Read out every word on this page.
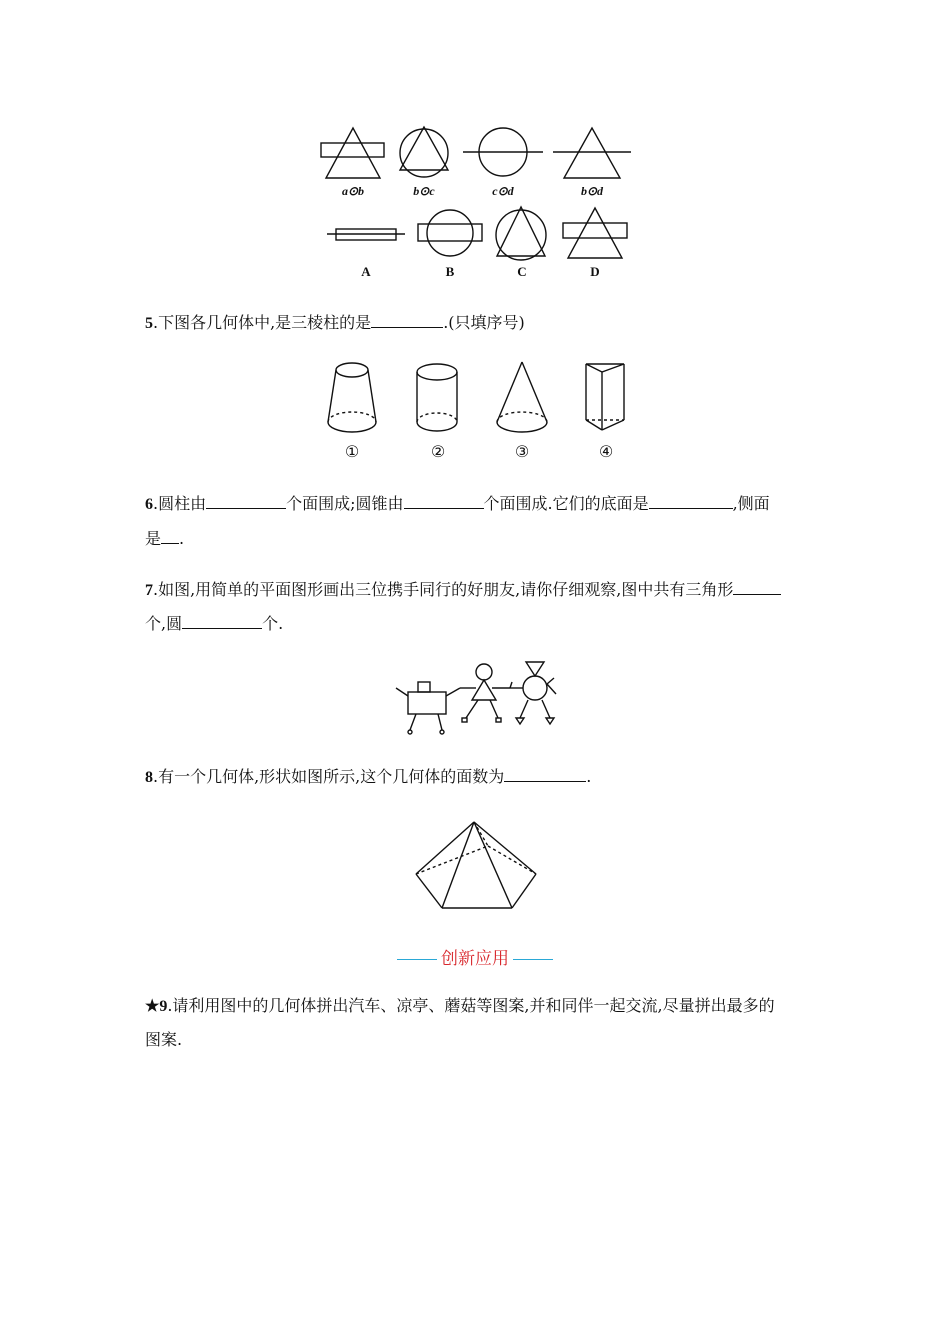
a⊙b	b⊙c	c⊙d	b⊙d
A	B	C	D
5.下图各几何体中,是三棱柱的是	.(只填序号)
①	②	③	④
6.圆柱由	个面围成;圆锥由	个面围成.它们的底面是	,侧面
是 .
7.如图,用简单的平面图形画出三位携手同行的好朋友,请你仔细观察,图中共有三角形
个,圆	个.
8.有一个几何体,形状如图所示,这个几何体的面数为	.
创新应用
★9.请利用图中的几何体拼出汽车、凉亭、蘑菇等图案,并和同伴一起交流,尽量拼出最多的
图案.
